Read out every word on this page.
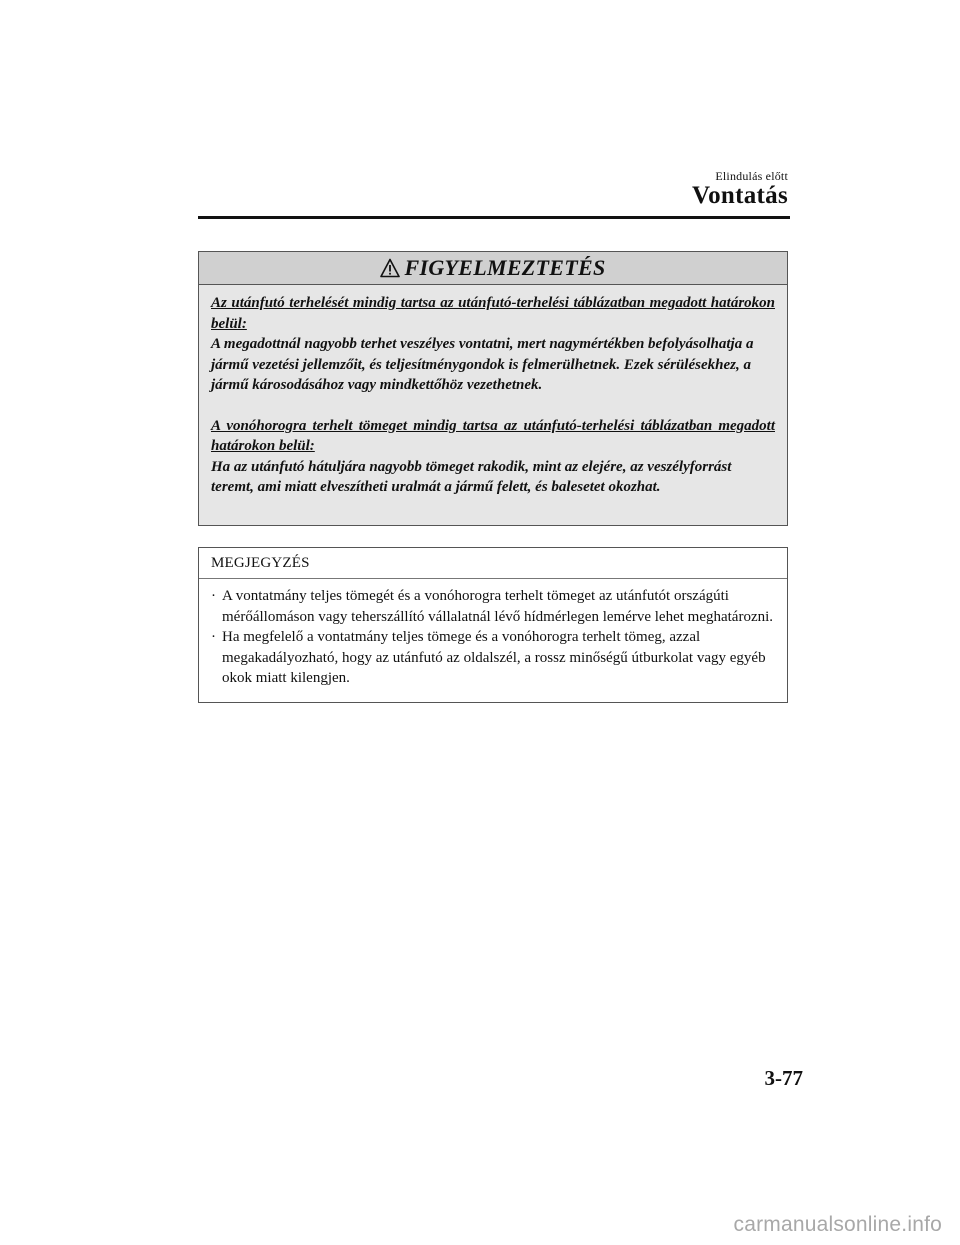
Elindulás előtt
Vontatás
FIGYELMEZTETÉS

Az utánfutó terhelését mindig tartsa az utánfutó-terhelési táblázatban megadott határokon belül:

A megadottnál nagyobb terhet veszélyes vontatni, mert nagymértékben befolyásolhatja a jármű vezetési jellemzőit, és teljesítménygondok is felmerülhetnek. Ezek sérülésekhez, a jármű károsodásához vagy mindkettőhöz vezethetnek.

A vonóhorogra terhelt tömeget mindig tartsa az utánfutó-terhelési táblázatban megadott határokon belül:

Ha az utánfutó hátuljára nagyobb tömeget rakodik, mint az elejére, az veszélyforrást teremt, ami miatt elveszítheti uralmát a jármű felett, és balesetet okozhat.

MEGJEGYZÉS
· A vontatmány teljes tömegét és a vonóhorogra terhelt tömeget az utánfutót országúti mérőállomáson vagy teherszállító vállalatnál lévő hídmérlegen lemérve lehet meghatározni.
· Ha megfelelő a vontatmány teljes tömege és a vonóhorogra terhelt tömeg, azzal megakadályozható, hogy az utánfutó az oldalszél, a rossz minőségű útburkolat vagy egyéb okok miatt kilengjen.
3-77
carmanualsonline.info
